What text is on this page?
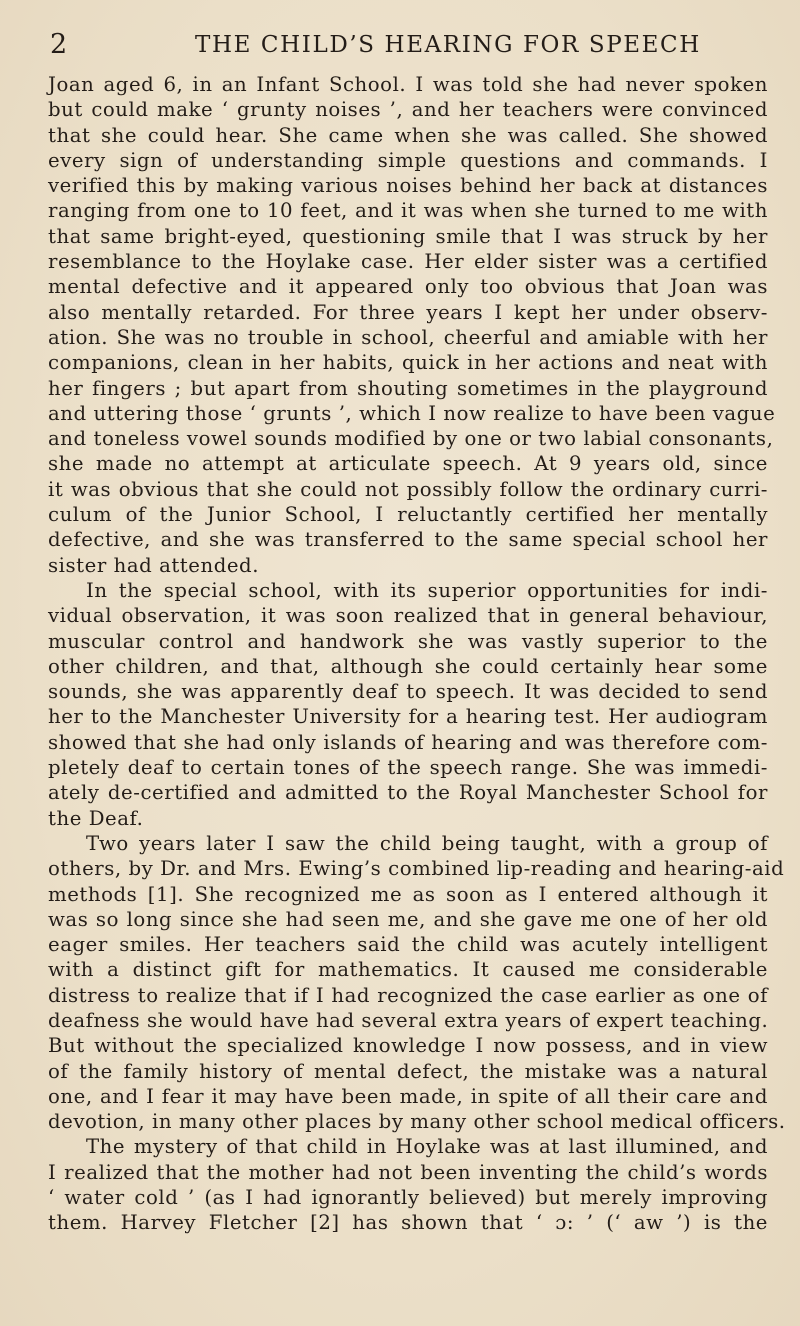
2	THE CHILD’S HEARING FOR SPEECH
Joan aged 6, in an Infant School. I was told she had never spoken
but could make ‘ grunty noises ’, and her teachers were convinced
that she could hear. She came when she was called. She showed
every sign of understanding simple questions and commands. I
verified this by making various noises behind her back at distances
ranging from one to 10 feet, and it was when she turned to me with
that same bright-eyed, questioning smile that I was struck by her
resemblance to the Hoylake case. Her elder sister was a certified
mental defective and it appeared only too obvious that Joan was
also mentally retarded. For three years I kept her under observ-
ation. She was no trouble in school, cheerful and amiable with her
companions, clean in her habits, quick in her actions and neat with
her fingers ; but apart from shouting sometimes in the playground
and uttering those ‘ grunts ’, which I now realize to have been vague
and toneless vowel sounds modified by one or two labial consonants,
she made no attempt at articulate speech. At 9 years old, since
it was obvious that she could not possibly follow the ordinary curri-
culum of the Junior School, I reluctantly certified her mentally
defective, and she was transferred to the same special school her
sister had attended.
In the special school, with its superior opportunities for indi-
vidual observation, it was soon realized that in general behaviour,
muscular control and handwork she was vastly superior to the
other children, and that, although she could certainly hear some
sounds, she was apparently deaf to speech. It was decided to send
her to the Manchester University for a hearing test. Her audiogram
showed that she had only islands of hearing and was therefore com-
pletely deaf to certain tones of the speech range. She was immedi-
ately de-certified and admitted to the Royal Manchester School for
the Deaf.
Two years later I saw the child being taught, with a group of
others, by Dr. and Mrs. Ewing’s combined lip-reading and hearing-aid
methods [1]. She recognized me as soon as I entered although it
was so long since she had seen me, and she gave me one of her old
eager smiles. Her teachers said the child was acutely intelligent
with a distinct gift for mathematics. It caused me considerable
distress to realize that if I had recognized the case earlier as one of
deafness she would have had several extra years of expert teaching.
But without the specialized knowledge I now possess, and in view
of the family history of mental defect, the mistake was a natural
one, and I fear it may have been made, in spite of all their care and
devotion, in many other places by many other school medical officers.
The mystery of that child in Hoylake was at last illumined, and
I realized that the mother had not been inventing the child’s words
‘ water cold ’ (as I had ignorantly believed) but merely improving
them. Harvey Fletcher [2] has shown that ‘ ɔ: ’ (‘ aw ’) is the
